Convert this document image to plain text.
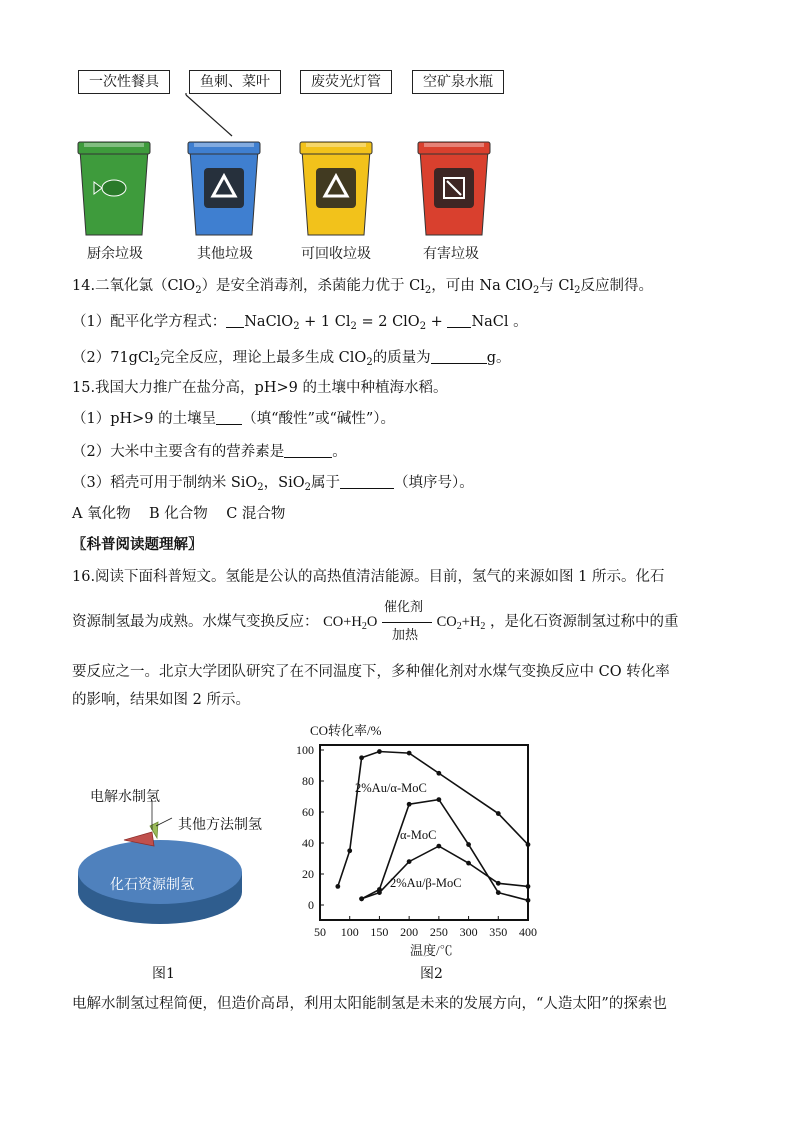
一次性餐具	鱼刺、菜叶	废荧光灯管	空矿泉水瓶
厨余垃圾	其他垃圾	可回收垃圾	有害垃圾
14.二氧化氯（ClO$_2$）是安全消毒剂，杀菌能力优于 $Cl_2$，可由 Na ClO$_2$与 $Cl_2$反应制得。
（1）配平化学方程式： NaClO$_2$ + 1 $Cl_2 = 2$ ClO$_2$ + NaCl 。
（2）71gCl$_2$完全反应，理论上最多生成 ClO$_2$的质量为	g。
15.我国大力推广在盐分高，pH>9 的土壤中种植海水稻。
（1）pH>9 的土壤呈 （填“酸性”或“碱性”）。
（2）大米中主要含有的营养素是	。
（3）稻壳可用于制纳米 SiO$_2$，SiO$_2$属于	（填序号）。
A 氧化物    B 化合物    C 混合物
〖科普阅读题理解〗
16.阅读下面科普短文。氢能是公认的高热值清洁能源。目前，氢气的来源如图 1 所示。化石
资源制氢最为成熟。水煤气变换反应： $CO+H_2O$
催化剂
加热
$CO_2+H_2$ ，是化石资源制氢过称中的重
要反应之一。北京大学团队研究了在不同温度下，多种催化剂对水煤气变换反应中 CO 转化率
的影响，结果如图 2 所示。
电解水制氢
其他方法制氢
化石资源制氢
图1
CO转化率/%
温度/℃
50 100 150 200 250 300 350 400
0
20
40
60
80
100
2%Au/α-MoC
α-MoC
2%Au/β-MoC
图2
电解水制氢过程简便，但造价高昂，利用太阳能制氢是未来的发展方向，“人造太阳”的探索也
